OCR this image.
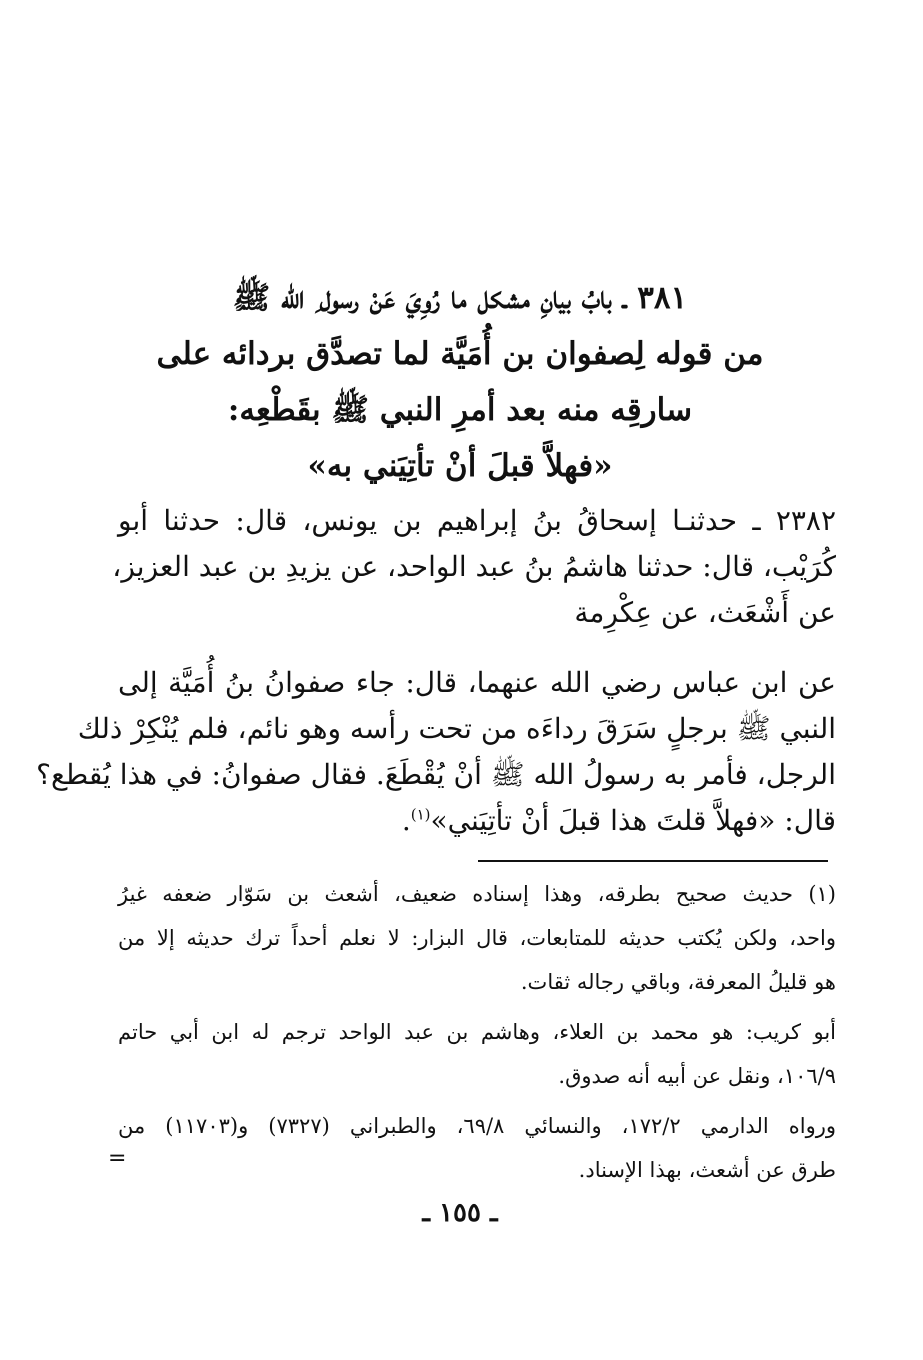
٣٨١ ـ بابُ بيانِ مشكل ما رُوِيَ عَنْ رسول ِ الله ﷺ
من قوله لِصفوان بن أُمَيَّة لما تصدَّق بردائه على
سارقِه منه بعد أمرِ النبي ﷺ بقَطْعِه:
«فهلاَّ قبلَ أنْ تأتِيَني به»
٢٣٨٢ ـ حدثنـا إسحاقُ بنُ إبراهيم بن يونس، قال: حدثنا أبو
كُرَيْب، قال: حدثنا هاشمُ بنُ عبد الواحد، عن يزيدِ بن عبد العزيز،
عن أَشْعَث، عن عِكْرِمة
عن ابن عباس رضي الله عنهما، قال: جاء صفوانُ بنُ أُمَيَّة إلى
النبي ﷺ برجلٍ سَرَقَ رداءَه من تحت رأسه وهو نائم، فلم يُنْكِرْ ذلك
الرجل، فأمر به رسولُ الله ﷺ أنْ يُقْطَعَ. فقال صفوانُ: في هذا يُقطع؟
قال: «فهلاَّ قلتَ هذا قبلَ أنْ تأتِيَني»$^{(١)}$.
(١) حديث صحيح بطرقه، وهذا إسناده ضعيف، أشعث بن سَوّار ضعفه غيرُ
واحد، ولكن يُكتب حديثه للمتابعات، قال البزار: لا نعلم أحداً ترك حديثه إلا من
هو قليلُ المعرفة، وباقي رجاله ثقات.
أبو كريب: هو محمد بن العلاء، وهاشم بن عبد الواحد ترجم له ابن أبي حاتم
١٠٦/٩، ونقل عن أبيه أنه صدوق.
ورواه الدارمي ١٧٢/٢، والنسائي ٦٩/٨، والطبراني (٧٣٢٧) و(١١٧٠٣) من
طرق عن أشعث، بهذا الإسناد.
=
ـ ١٥٥ ـ
